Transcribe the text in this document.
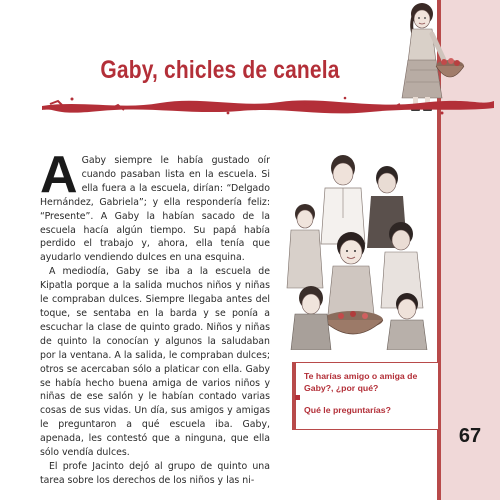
Gaby, chicles de canela

A Gaby siempre le había gustado oír cuando pasaban lista en la escuela. Si ella fuera a la escuela, dirían: “Delgado Hernández, Gabriela”; y ella respondería feliz: “Presente”. A Gaby la habían sacado de la escuela hacía algún tiempo. Su papá había perdido el trabajo y, ahora, ella tenía que ayudarlo vendiendo dulces en una esquina.

A mediodía, Gaby se iba a la escuela de Kipatla porque a la salida muchos niños y niñas le compraban dulces. Siempre llegaba antes del toque, se sentaba en la barda y se ponía a escuchar la clase de quinto grado. Niños y niñas de quinto la conocían y algunos la saludaban por la ventana. A la salida, le compraban dulces; otros se acercaban sólo a platicar con ella. Gaby se había hecho buena amiga de varios niños y niñas de ese salón y le habían contado varias cosas de sus vidas. Un día, sus amigos y amigas le preguntaron a qué escuela iba. Gaby, apenada, les contestó que a ninguna, que ella sólo vendía dulces.

El profe Jacinto dejó al grupo de quinto una tarea sobre los derechos de los niños y las ni-

Te harías amigo o amiga de Gaby?, ¿por qué?
Qué le preguntarías?
67
